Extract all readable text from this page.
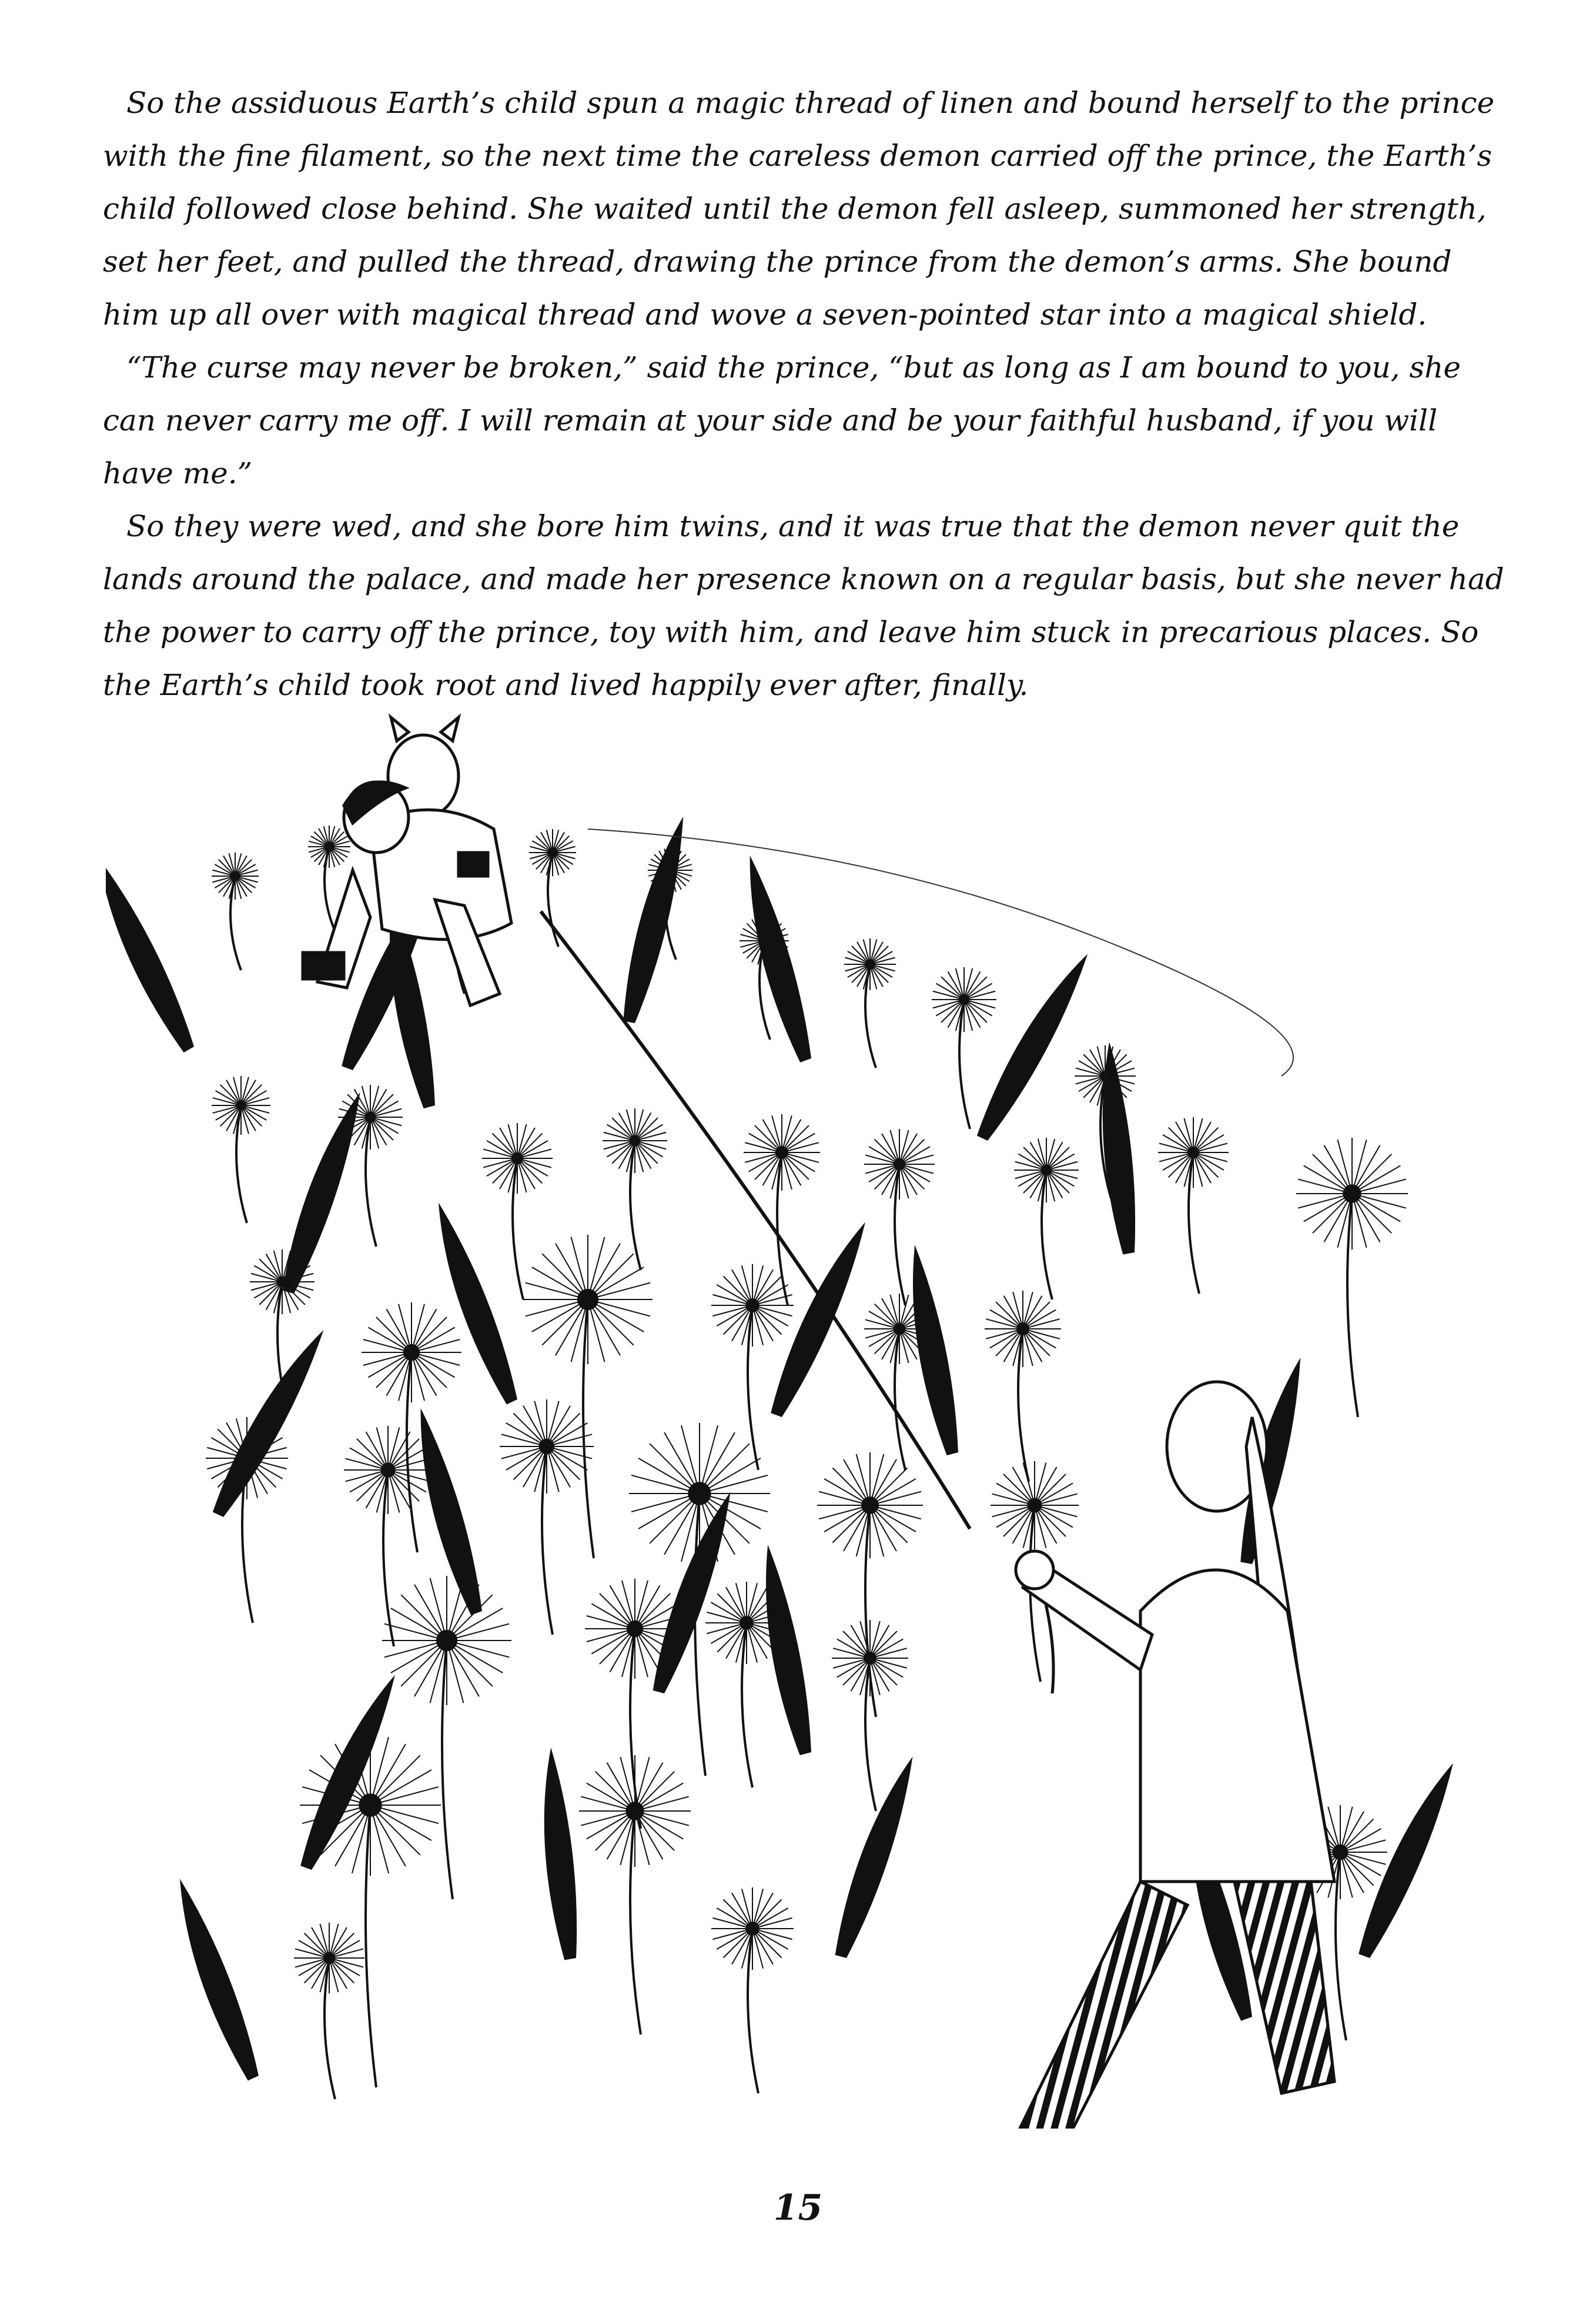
So the assiduous Earth’s child spun a magic thread of linen and bound herself to the prince with the fine filament, so the next time the careless demon carried off the prince, the Earth’s child followed close behind. She waited until the demon fell asleep, summoned her strength, set her feet, and pulled the thread, drawing the prince from the demon’s arms. She bound him up all over with magical thread and wove a seven-pointed star into a magical shield.

“The curse may never be broken,” said the prince, “but as long as I am bound to you, she can never carry me off. I will remain at your side and be your faithful husband, if you will have me.”

So they were wed, and she bore him twins, and it was true that the demon never quit the lands around the palace, and made her presence known on a regular basis, but she never had the power to carry off the prince, toy with him, and leave him stuck in precarious places. So the Earth’s child took root and lived happily ever after, finally.

15
